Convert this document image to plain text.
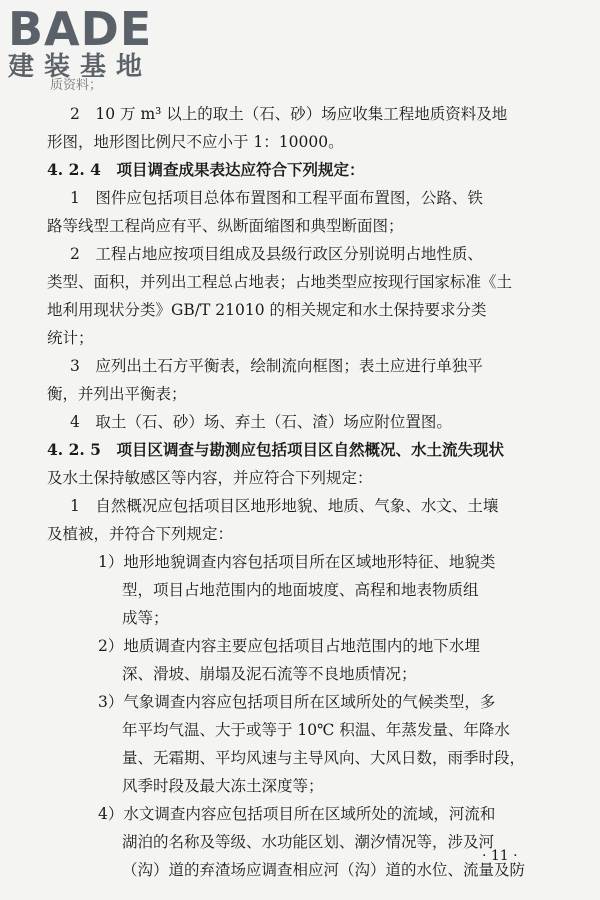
BADE
建装基地
质资料；
2　10 万 m³ 以上的取土（石、砂）场应收集工程地质资料及地
形图，地形图比例尺不应小于 1：10000。
4. 2. 4　项目调查成果表达应符合下列规定：
1　图件应包括项目总体布置图和工程平面布置图，公路、铁
路等线型工程尚应有平、纵断面缩图和典型断面图；
2　工程占地应按项目组成及县级行政区分别说明占地性质、
类型、面积，并列出工程总占地表；占地类型应按现行国家标准《土
地利用现状分类》GB/T 21010 的相关规定和水土保持要求分类
统计；
3　应列出土石方平衡表，绘制流向框图；表土应进行单独平
衡，并列出平衡表；
4　取土（石、砂）场、弃土（石、渣）场应附位置图。
4. 2. 5　项目区调查与勘测应包括项目区自然概况、水土流失现状
及水土保持敏感区等内容，并应符合下列规定：
1　自然概况应包括项目区地形地貌、地质、气象、水文、土壤
及植被，并符合下列规定：
1）地形地貌调查内容包括项目所在区域地形特征、地貌类
型，项目占地范围内的地面坡度、高程和地表物质组
成等；
2）地质调查内容主要应包括项目占地范围内的地下水埋
深、滑坡、崩塌及泥石流等不良地质情况；
3）气象调查内容应包括项目所在区域所处的气候类型，多
年平均气温、大于或等于 10℃ 积温、年蒸发量、年降水
量、无霜期、平均风速与主导风向、大风日数，雨季时段，
风季时段及最大冻土深度等；
4）水文调查内容应包括项目所在区域所处的流域，河流和
湖泊的名称及等级、水功能区划、潮汐情况等，涉及河
（沟）道的弃渣场应调查相应河（沟）道的水位、流量及防
· 11 ·
